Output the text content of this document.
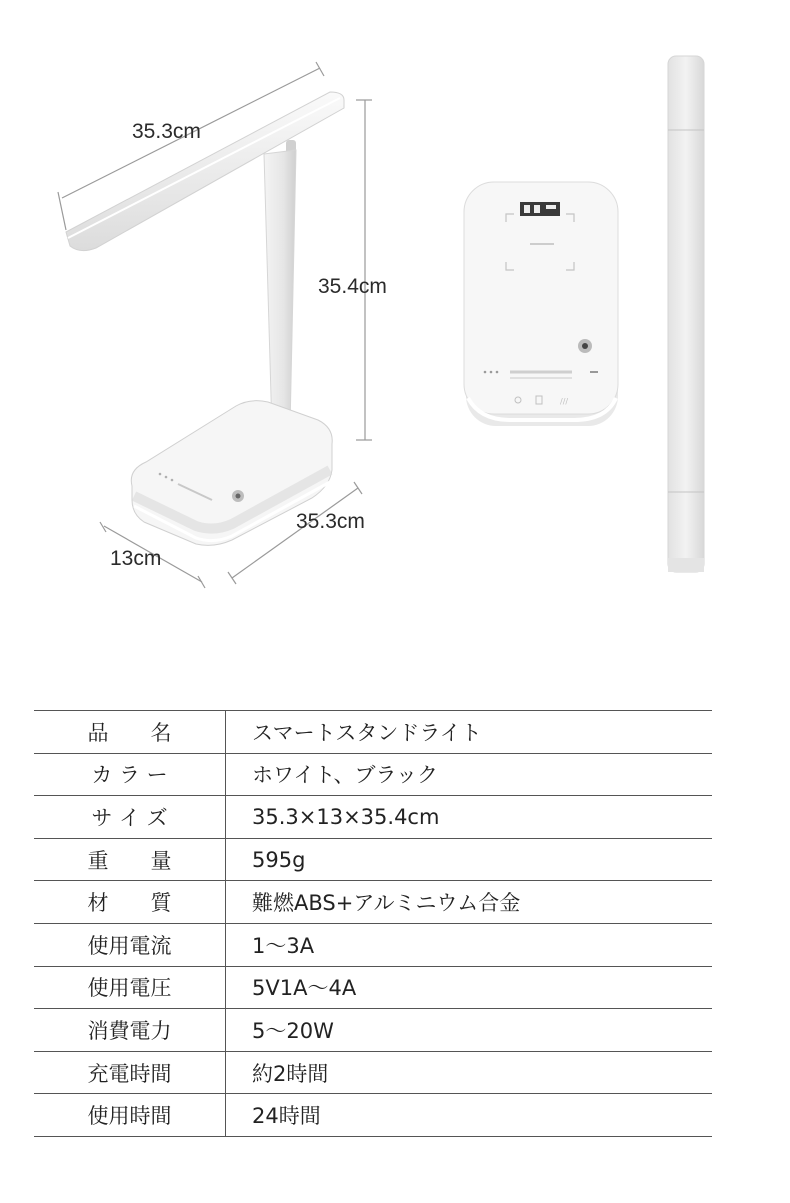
///
35.3cm
35.4cm
35.3cm
13cm
品　　名	スマートスタンドライト
カ ラ ー	ホワイト、ブラック
サ イ ズ	35.3×13×35.4cm
重　　量	595g
材　　質	難燃ABS+アルミニウム合金
使用電流	1〜3A
使用電圧	5V1A〜4A
消費電力	5〜20W
充電時間	約2時間
使用時間	24時間
